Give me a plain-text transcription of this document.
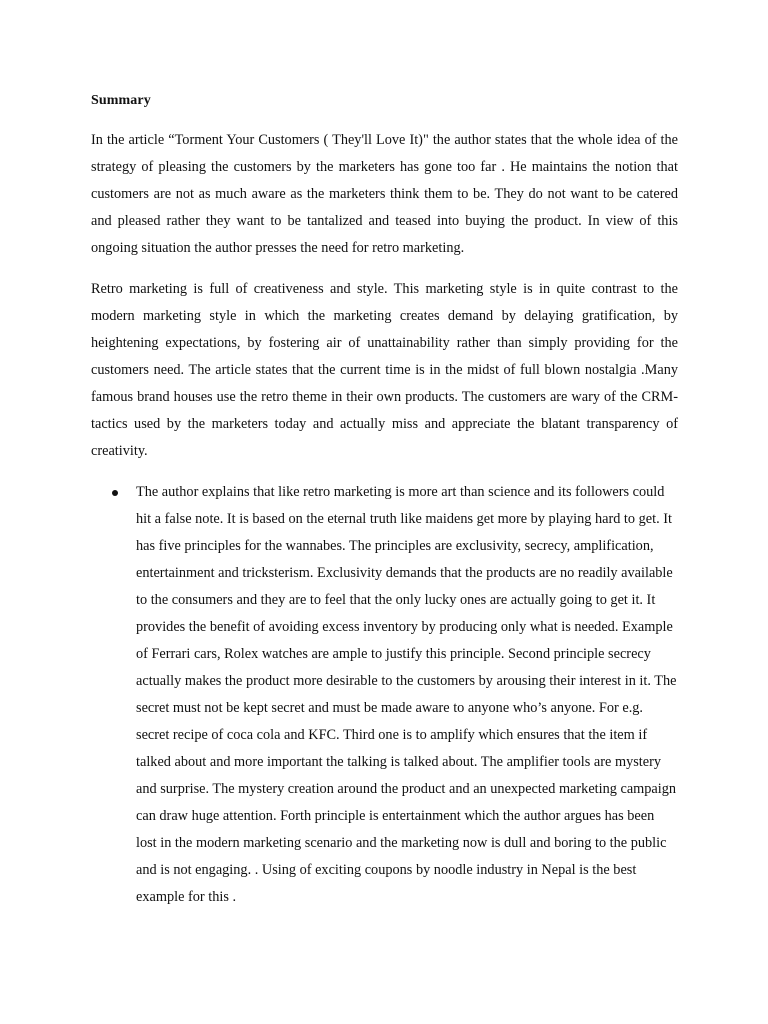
Summary

In the article “Torment Your Customers ( They'll Love It)" the author states that the whole idea of the strategy of pleasing the customers by the marketers has gone too far . He maintains the notion that customers are not as much aware as the marketers think them to be. They do not want to be catered and pleased rather they want to be tantalized and teased into buying the product. In view of this ongoing situation the author presses the need for retro marketing.

Retro marketing is full of creativeness and style. This marketing style is in quite contrast to the modern marketing style in which the marketing creates demand by delaying gratification, by heightening expectations, by fostering air of unattainability rather than simply providing for the customers need. The article states that the current time is in the midst of full blown nostalgia .Many famous brand houses use the retro theme in their own products. The customers are wary of the CRM- tactics used by the marketers today and actually miss and appreciate the blatant transparency of creativity.

The author explains that like retro marketing is more art than science and its followers could hit a false note. It is based on the eternal truth like maidens get more by playing hard to get. It has five principles for the wannabes. The principles are exclusivity, secrecy, amplification, entertainment and tricksterism. Exclusivity demands that the products are no readily available to the consumers and they are to feel that the only lucky ones are actually going to get it. It provides the benefit of avoiding excess inventory by producing only what is needed. Example of Ferrari cars, Rolex watches are ample to justify this principle. Second principle secrecy actually makes the product more desirable to the customers by arousing their interest in it. The secret must not be kept secret and must be made aware to anyone who’s anyone. For e.g. secret recipe of coca cola and KFC. Third one is to amplify which ensures that the item if talked about and more important the talking is talked about. The amplifier tools are mystery and surprise. The mystery creation around the product and an unexpected marketing campaign can draw huge attention. Forth principle is entertainment which the author argues has been lost in the modern marketing scenario and the marketing now is dull and boring to the public and is not engaging. . Using of exciting coupons by noodle industry in Nepal is the best example for this .
